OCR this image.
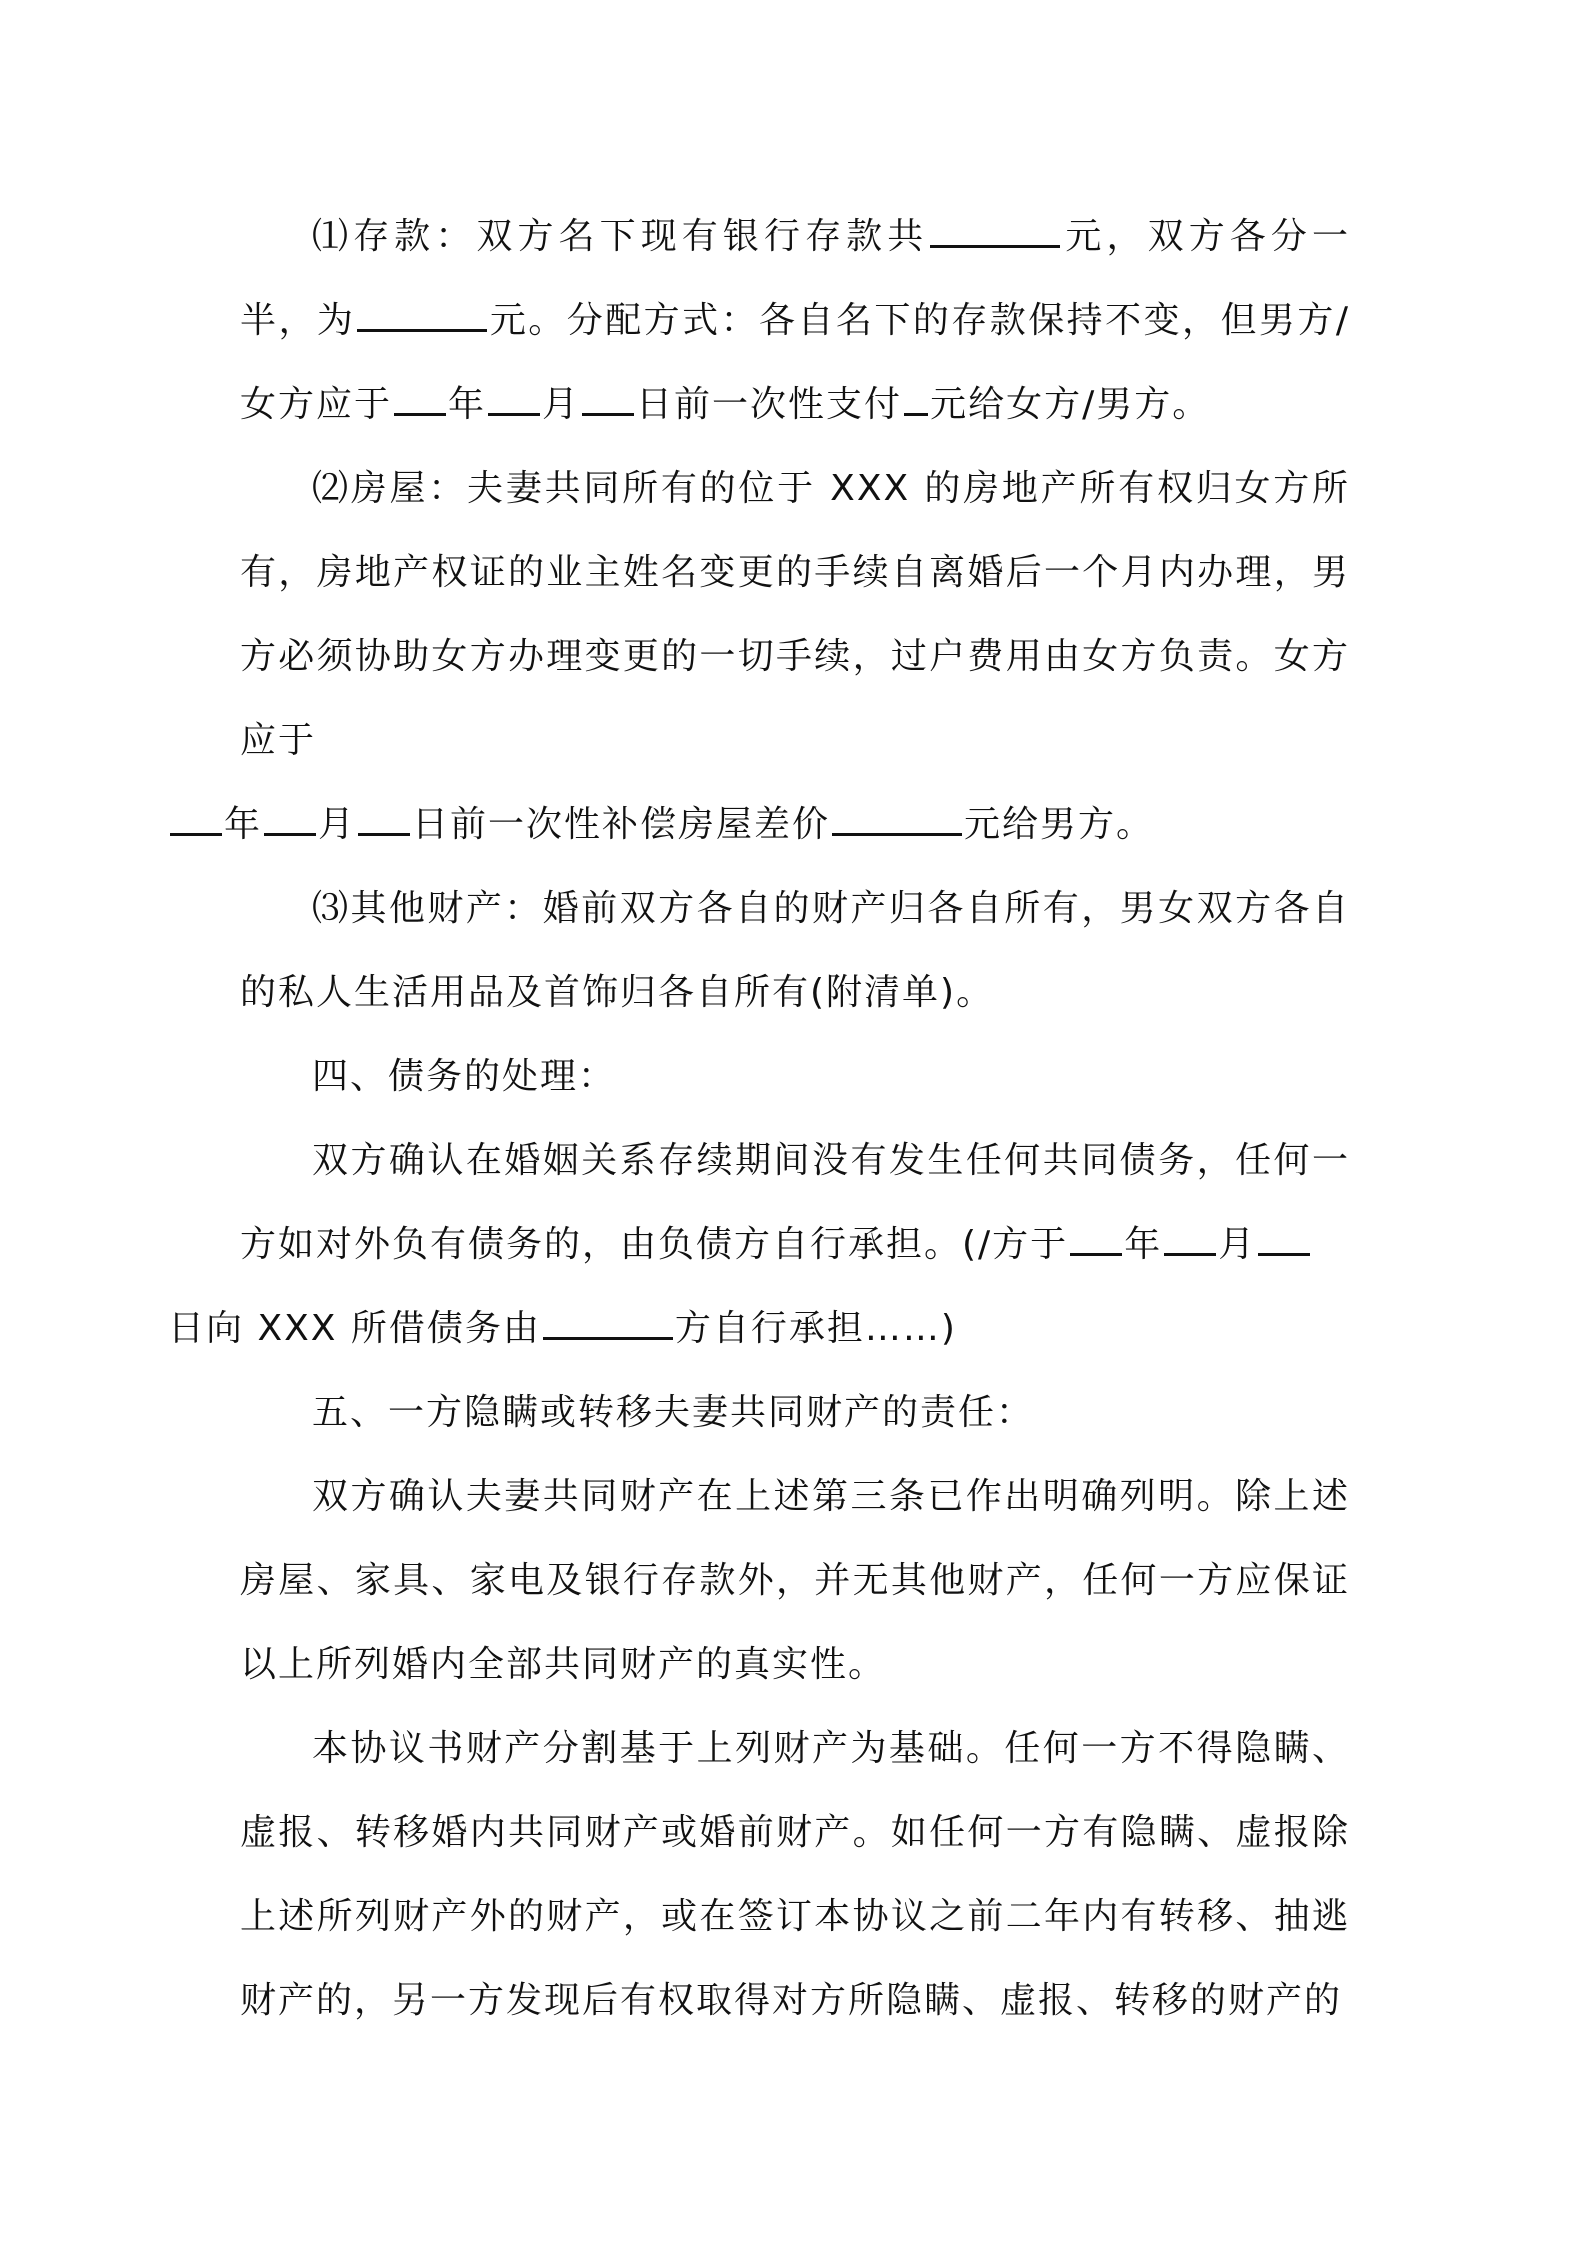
⑴存款：双方名下现有银行存款共	元，双方各分一半，为	元。分配方式：各自名下的存款保持不变，但男方/女方应于 年 月 日前一次性支付 元给女方/男方。

⑵房屋：夫妻共同所有的位于 XXX 的房地产所有权归女方所有，房地产权证的业主姓名变更的手续自离婚后一个月内办理，男方必须协助女方办理变更的一切手续，过户费用由女方负责。女方应于
年 月 日前一次性补偿房屋差价	元给男方。

⑶其他财产：婚前双方各自的财产归各自所有，男女双方各自的私人生活用品及首饰归各自所有(附清单)。

四、债务的处理：

双方确认在婚姻关系存续期间没有发生任何共同债务，任何一方如对外负有债务的，由负债方自行承担。(/方于 年 月
日向 XXX 所借债务由	方自行承担……)

五、一方隐瞒或转移夫妻共同财产的责任：

双方确认夫妻共同财产在上述第三条已作出明确列明。除上述房屋、家具、家电及银行存款外，并无其他财产，任何一方应保证以上所列婚内全部共同财产的真实性。

本协议书财产分割基于上列财产为基础。任何一方不得隐瞒、虚报、转移婚内共同财产或婚前财产。如任何一方有隐瞒、虚报除上述所列财产外的财产，或在签订本协议之前二年内有转移、抽逃财产的，另一方发现后有权取得对方所隐瞒、虚报、转移的财产的
